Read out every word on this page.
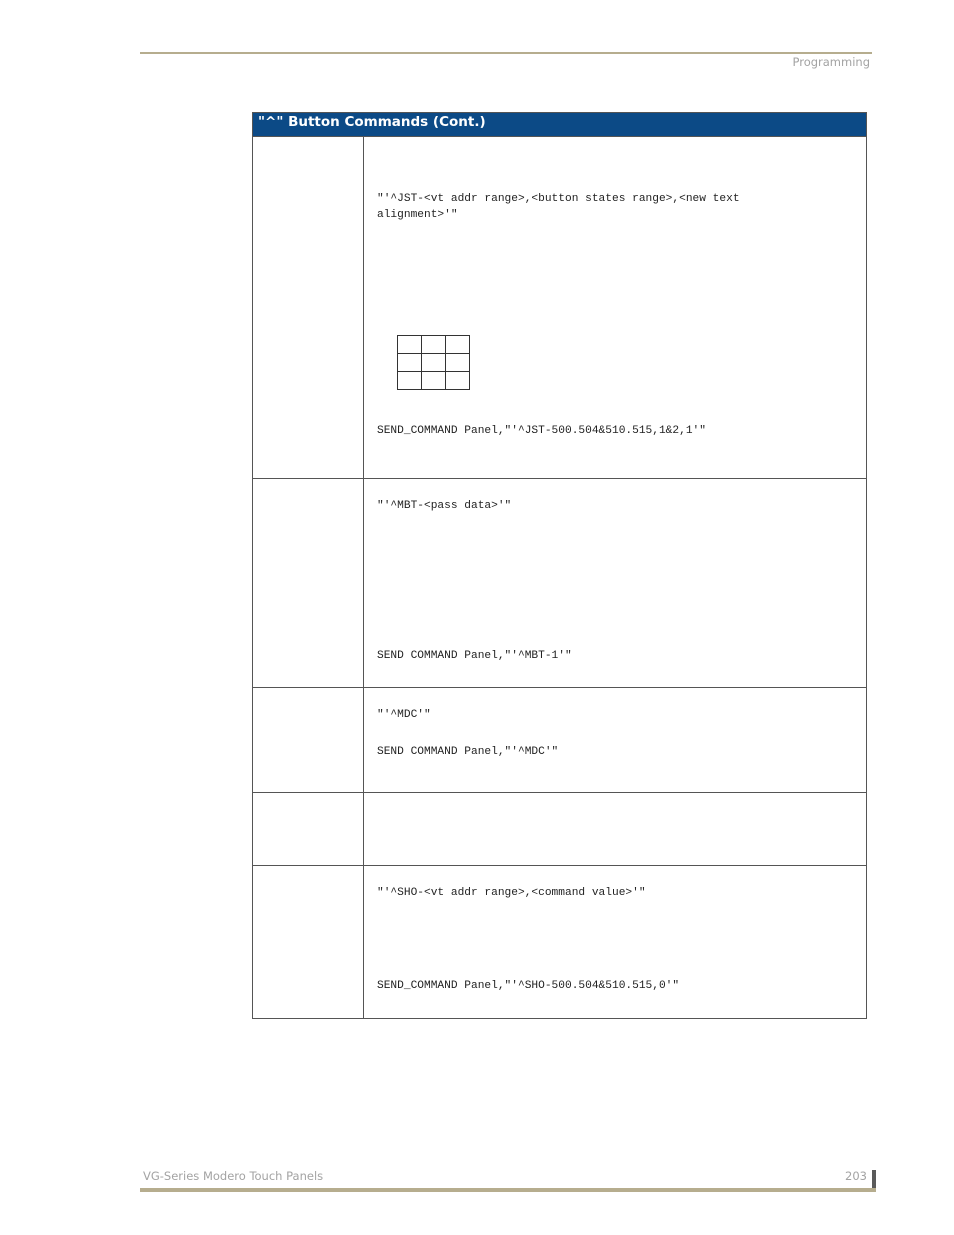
Programming
"^" Button Commands (Cont.)

"'^JST-<vt addr range>,<button states range>,<new text
alignment>'"

SEND_COMMAND Panel,"'^JST-500.504&510.515,1&2,1'"

"'^MBT-<pass data>'"
SEND COMMAND Panel,"'^MBT-1'"

"'^MDC'"
SEND COMMAND Panel,"'^MDC'"

"'^SHO-<vt addr range>,<command value>'"
SEND_COMMAND Panel,"'^SHO-500.504&510.515,0'"
VG-Series Modero Touch Panels	203
